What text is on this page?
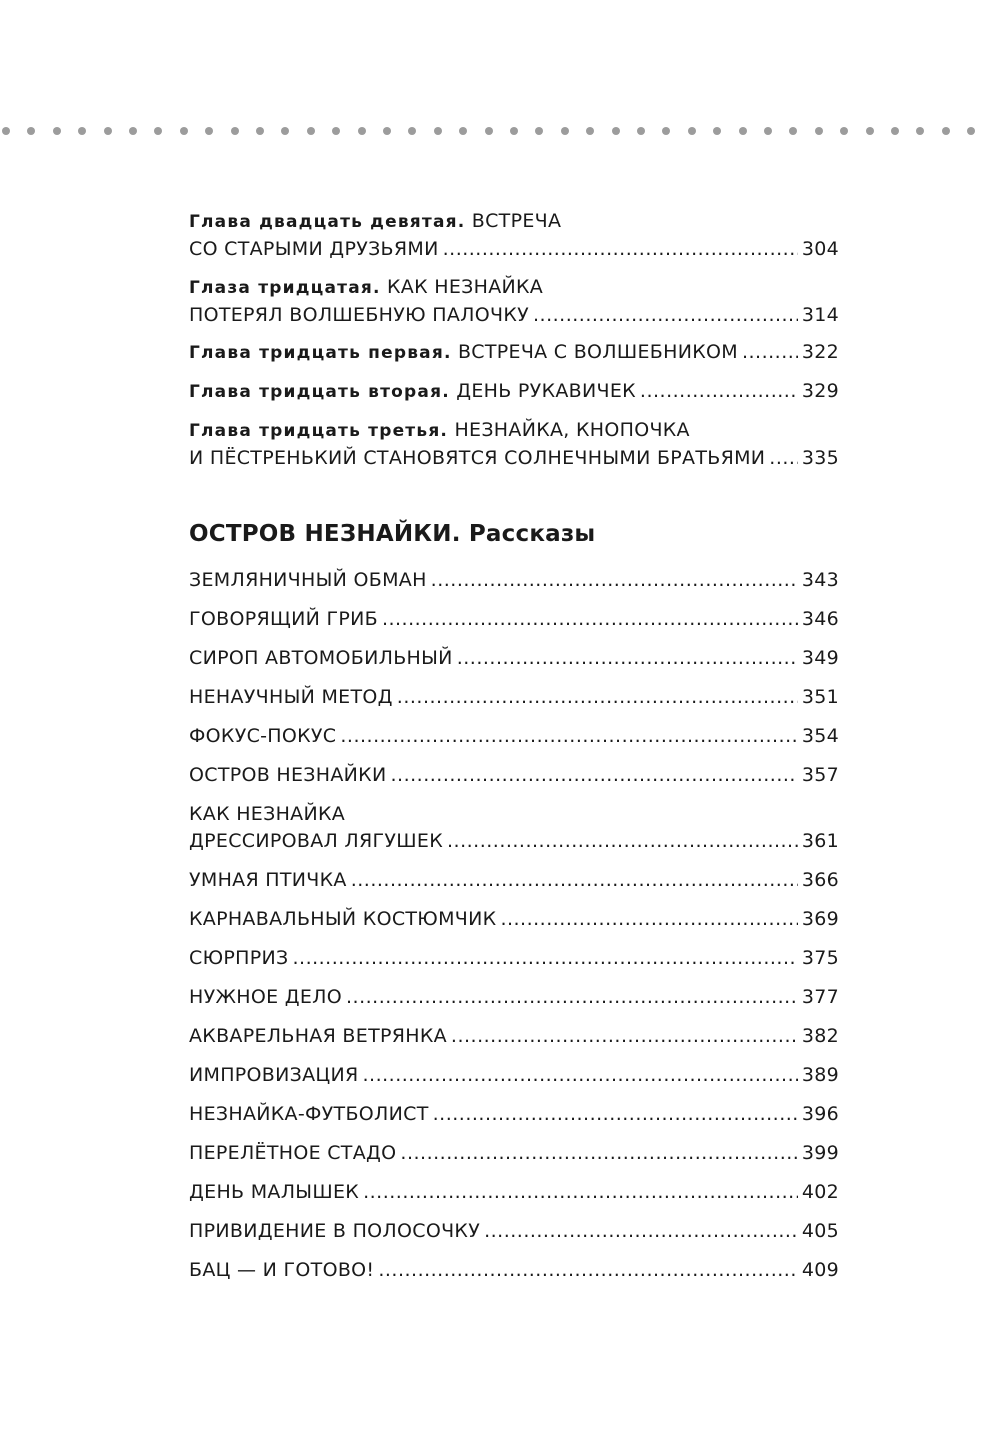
Глава двадцать девятая. ВСТРЕЧА
СО СТАРЫМИ ДРУЗЬЯМИ .....	304
Глаза тридцатая. КАК НЕЗНАЙКА
ПОТЕРЯЛ ВОЛШЕБНУЮ ПАЛОЧКУ .....	314
Глава тридцать первая. ВСТРЕЧА С ВОЛШЕБНИКОМ .....	322
Глава тридцать вторая. ДЕНЬ РУКАВИЧЕК .....	329
Глава тридцать третья. НЕЗНАЙКА, КНОПОЧКА
И ПЁСТРЕНЬКИЙ СТАНОВЯТСЯ СОЛНЕЧНЫМИ БРАТЬЯМИ ..... 335
ОСТРОВ НЕЗНАЙКИ. Рассказы
ЗЕМЛЯНИЧНЫЙ ОБМАН .....	343
ГОВОРЯЩИЙ ГРИБ .....	346
СИРОП АВТОМОБИЛЬНЫЙ .....	349
НЕНАУЧНЫЙ МЕТОД .....	351
ФОКУС-ПОКУС .....	354
ОСТРОВ НЕЗНАЙКИ .....	357
КАК НЕЗНАЙКА
ДРЕССИРОВАЛ ЛЯГУШЕК .....	361
УМНАЯ ПТИЧКА .....	366
КАРНАВАЛЬНЫЙ КОСТЮМЧИК .....	369
СЮРПРИЗ .....	375
НУЖНОЕ ДЕЛО .....	377
АКВАРЕЛЬНАЯ ВЕТРЯНКА .....	382
ИМПРОВИЗАЦИЯ .....	389
НЕЗНАЙКА-ФУТБОЛИСТ .....	396
ПЕРЕЛЁТНОЕ СТАДО .....	399
ДЕНЬ МАЛЫШЕК .....	402
ПРИВИДЕНИЕ В ПОЛОСОЧКУ .....	405
БАЦ — И ГОТОВО! .....	409
